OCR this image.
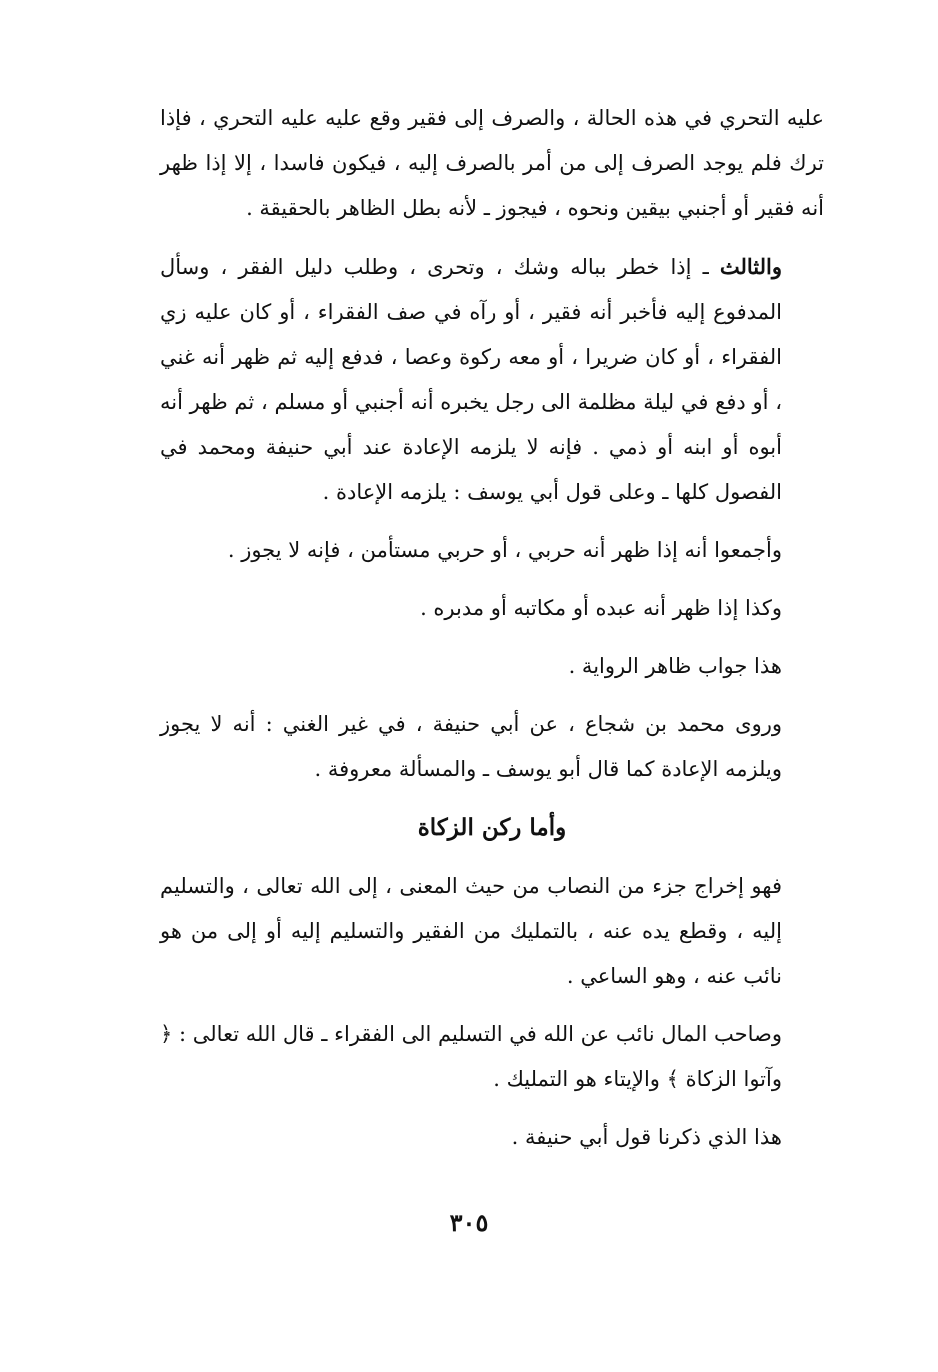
عليه التحري في هذه الحالة ، والصرف إلى فقير وقع عليه عليه التحري ، فإذا ترك فلم يوجد الصرف إلى من أمر بالصرف إليه ، فيكون فاسدا ، إلا إذا ظهر أنه فقير أو أجنبي بيقين ونحوه ، فيجوز ـ لأنه بطل الظاهر بالحقيقة .

والثالث ـ إذا خطر بباله وشك ، وتحرى ، وطلب دليل الفقر ، وسأل المدفوع إليه فأخبر أنه فقير ، أو رآه في صف الفقراء ، أو كان عليه زي الفقراء ، أو كان ضريرا ، أو معه ركوة وعصا ، فدفع إليه ثم ظهر أنه غني ، أو دفع في ليلة مظلمة الى رجل يخبره أنه أجنبي أو مسلم ، ثم ظهر أنه أبوه أو ابنه أو ذمي . فإنه لا يلزمه الإعادة عند أبي حنيفة ومحمد في الفصول كلها ـ وعلى قول أبي يوسف : يلزمه الإعادة .

وأجمعوا أنه إذا ظهر أنه حربي ، أو حربي مستأمن ، فإنه لا يجوز .

وكذا إذا ظهر أنه عبده أو مكاتبه أو مدبره .

هذا جواب ظاهر الرواية .

وروى محمد بن شجاع ، عن أبي حنيفة ، في غير الغني : أنه لا يجوز ويلزمه الإعادة كما قال أبو يوسف ـ والمسألة معروفة .

وأما ركن الزكاة

فهو إخراج جزء من النصاب من حيث المعنى ، إلى الله تعالى ، والتسليم إليه ، وقطع يده عنه ، بالتمليك من الفقير والتسليم إليه أو إلى من هو نائب عنه ، وهو الساعي .

وصاحب المال نائب عن الله في التسليم الى الفقراء ـ قال الله تعالى : ﴿ وآتوا الزكاة ﴾ والإيتاء هو التمليك .

هذا الذي ذكرنا قول أبي حنيفة .

٣٠٥
